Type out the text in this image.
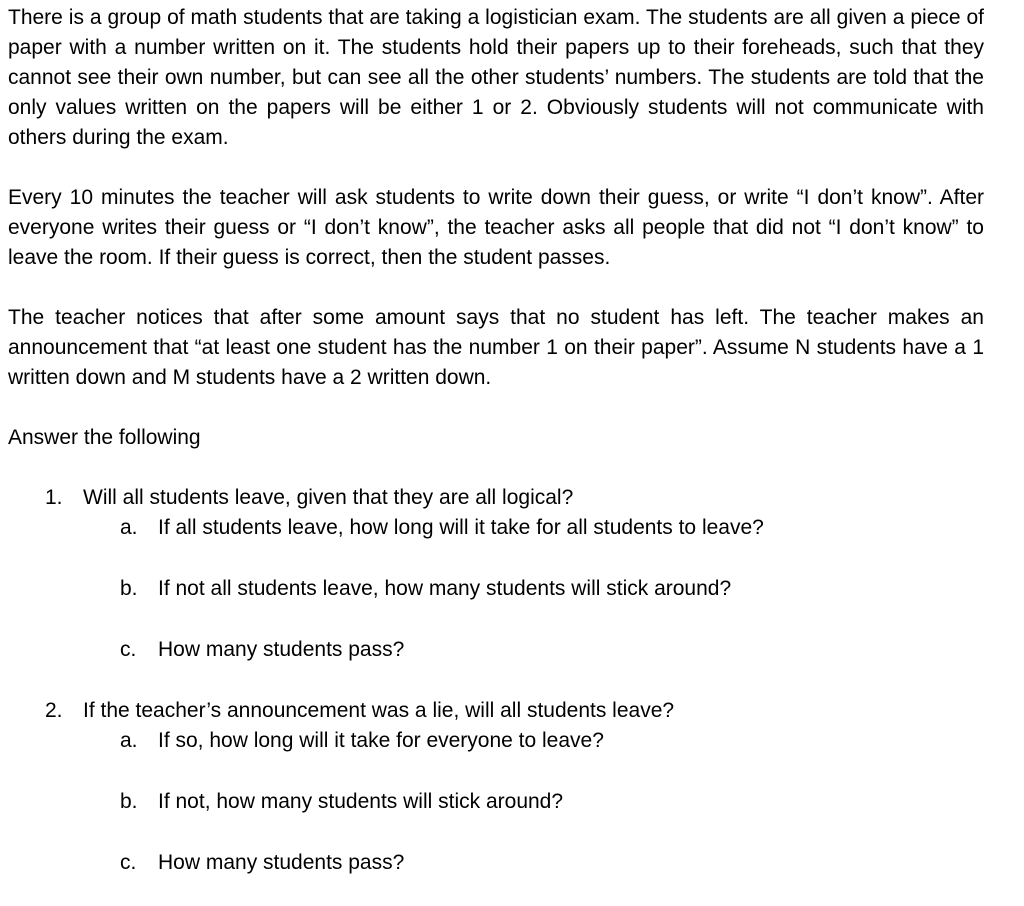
There is a group of math students that are taking a logistician exam. The students are all given a piece of paper with a number written on it. The students hold their papers up to their foreheads, such that they cannot see their own number, but can see all the other students’ numbers. The students are told that the only values written on the papers will be either 1 or 2. Obviously students will not communicate with others during the exam.

Every 10 minutes the teacher will ask students to write down their guess, or write “I don’t know”. After everyone writes their guess or “I don’t know”, the teacher asks all people that did not “I don’t know” to leave the room. If their guess is correct, then the student passes.

The teacher notices that after some amount says that no student has left. The teacher makes an announcement that “at least one student has the number 1 on their paper”. Assume N students have a 1 written down and M students have a 2 written down.

Answer the following

1. Will all students leave, given that they are all logical?
a. If all students leave, how long will it take for all students to leave?
b. If not all students leave, how many students will stick around?
c. How many students pass?
2. If the teacher’s announcement was a lie, will all students leave?
a. If so, how long will it take for everyone to leave?
b. If not, how many students will stick around?
c. How many students pass?
